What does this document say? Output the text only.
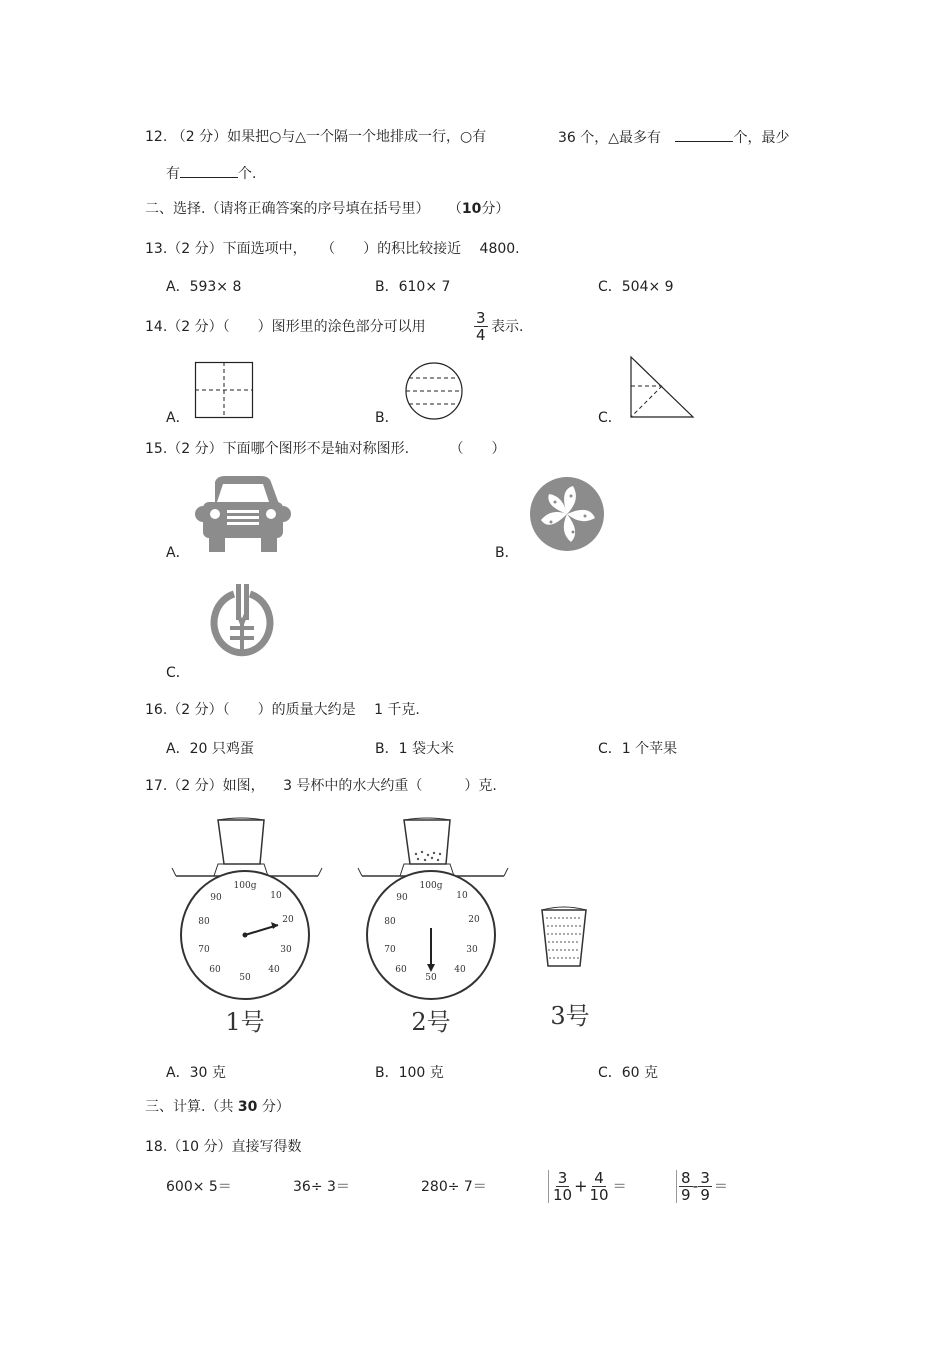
12. （2 分）如果把○与△一个隔一个地排成一行，○有	36 个，△最多有	个，最少
有	个.
二、选择.（请将正确答案的序号填在括号里） （10分）
13.（2 分）下面选项中， （　　）的积比较接近 4800.
A．593× 8	B．610× 7	C．504× 9
14.（2 分）（　　）图形里的涂色部分可以用	$\frac{3}{4}$ 表示.
A．	B．	C．
15.（2 分）下面哪个图形不是轴对称图形.	（　　）
A．	B．
C．
16.（2 分）（　　）的质量大约是 1 千克.
A．20 只鸡蛋	B．1 袋大米	C．1 个苹果
17.（2 分）如图， 3 号杯中的水大约重（　　　）克.
100g
10
20
30
40
50
60
70
80
90
1号
100g
10
20
30
40
50
60
70
80
90
2号	3号
A．30 克	B．100 克	C．60 克
三、计算.（共 30 分）
18.（10 分）直接写得数
600× 5＝	36÷ 3＝	280÷ 7＝	$\frac{3}{10} + \frac{4}{10}$ ＝	$\frac{8}{9} - \frac{3}{9}$ ＝
